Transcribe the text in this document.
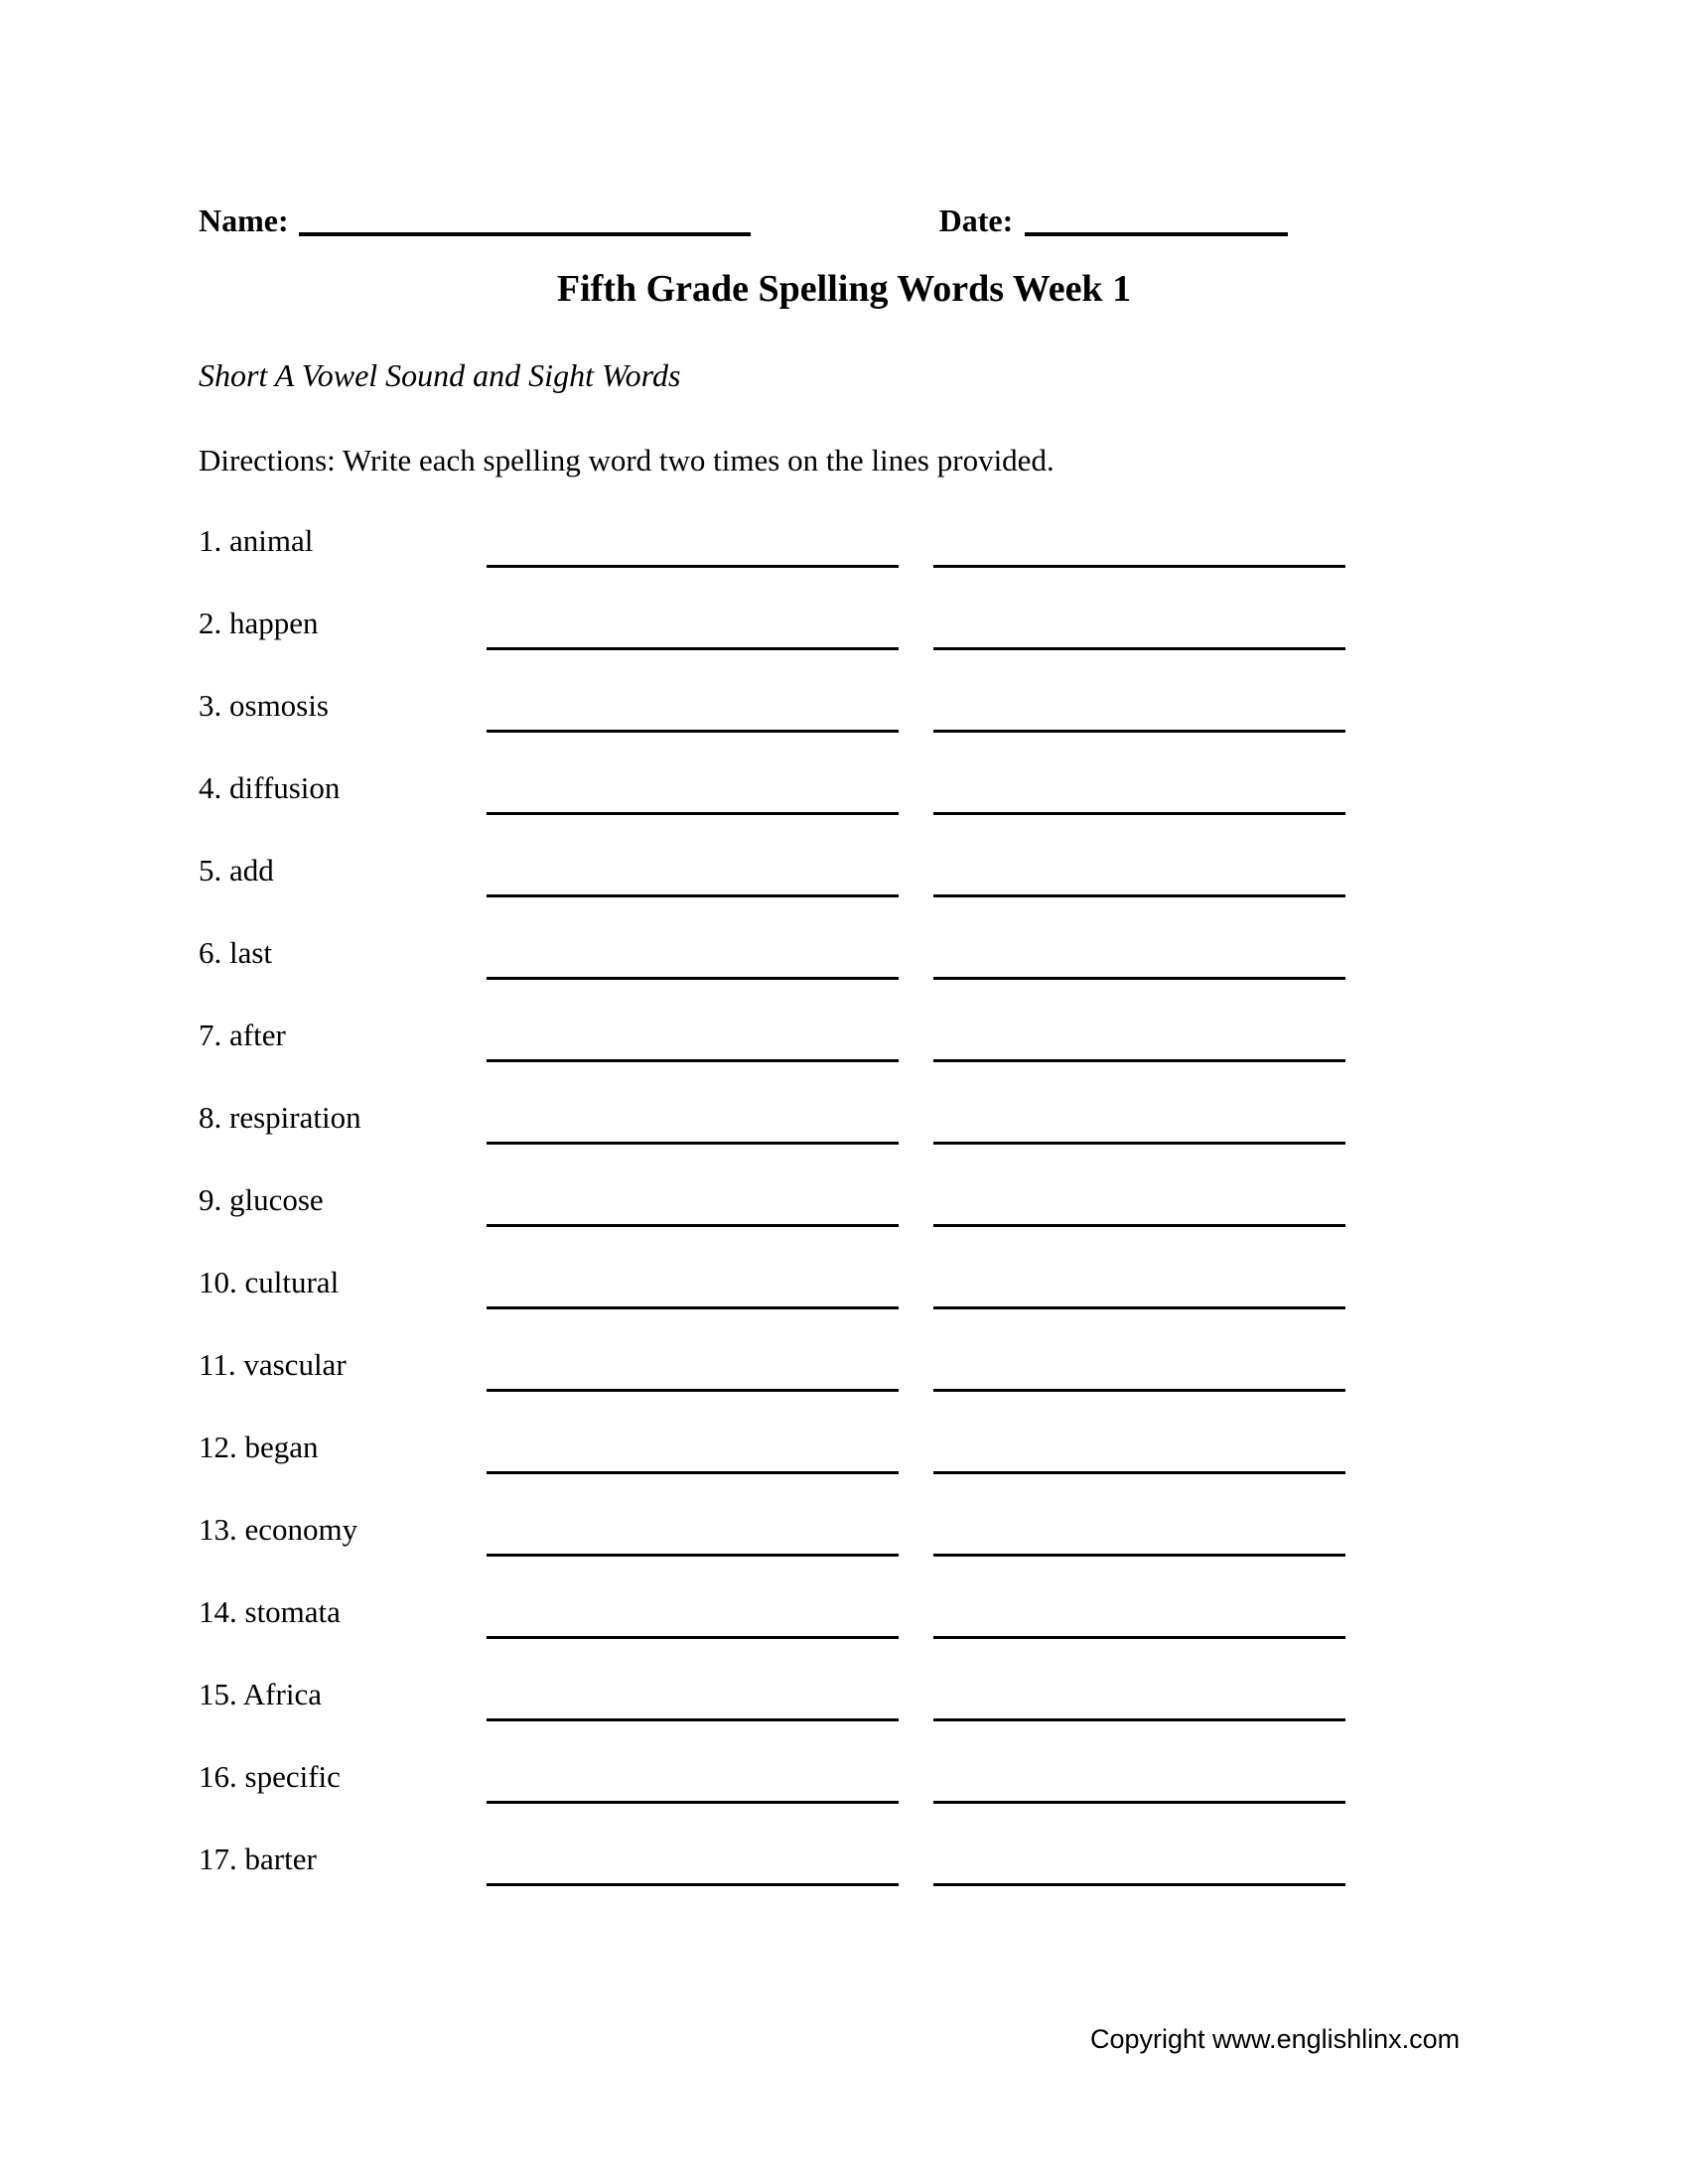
Name:	Date:
Fifth Grade Spelling Words Week 1
Short A Vowel Sound and Sight Words
Directions: Write each spelling word two times on the lines provided.
1. animal
2. happen
3. osmosis
4. diffusion
5. add
6. last
7. after
8. respiration
9. glucose
10. cultural
11. vascular
12. began
13. economy
14. stomata
15. Africa
16. specific
17. barter
Copyright www.englishlinx.com
